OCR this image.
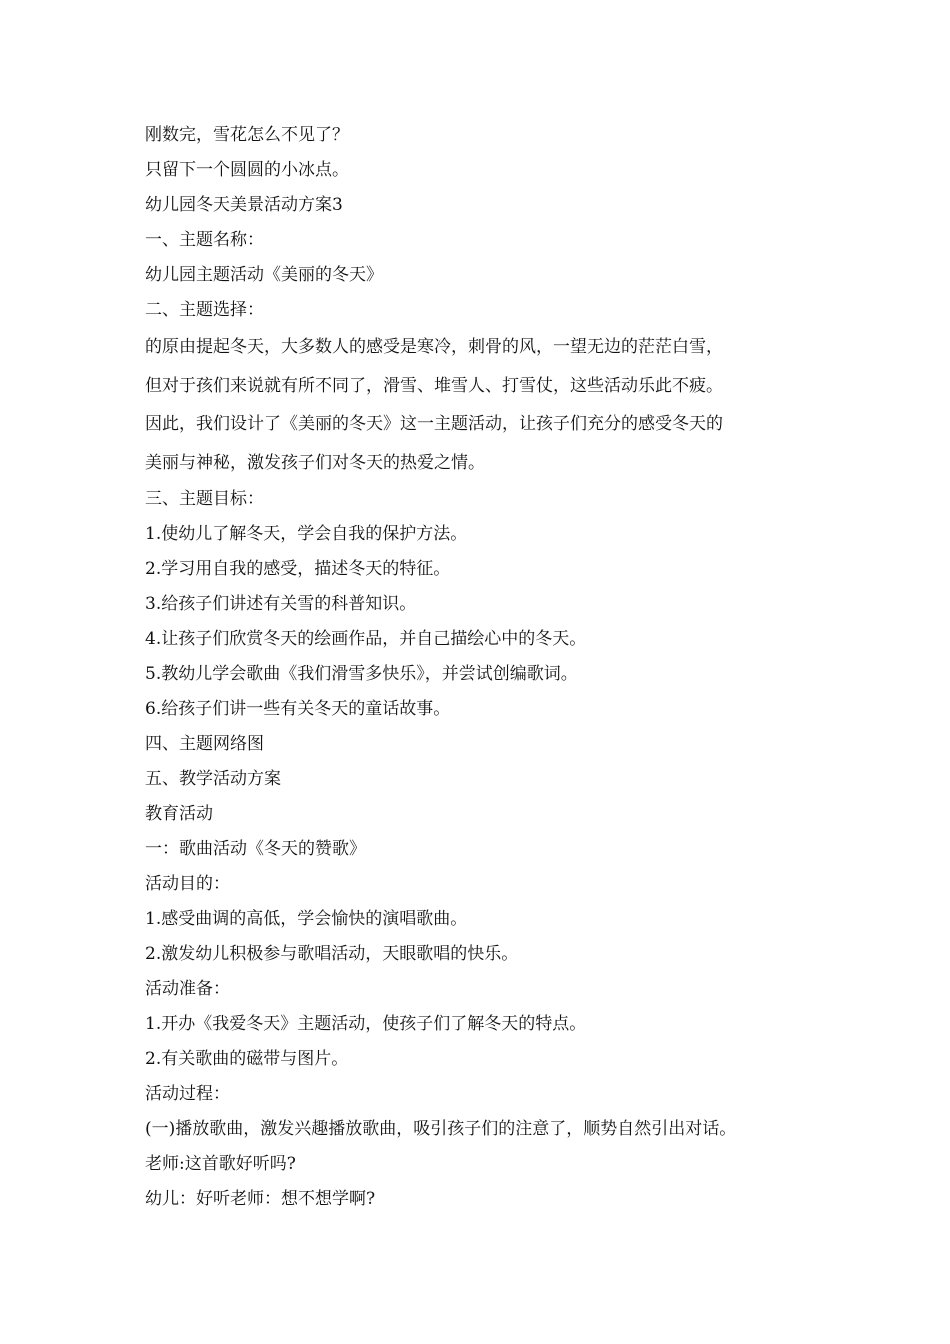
刚数完，雪花怎么不见了？
只留下一个圆圆的小冰点。
幼儿园冬天美景活动方案3
一、主题名称：
幼儿园主题活动《美丽的冬天》
二、主题选择：
的原由提起冬天，大多数人的感受是寒冷，刺骨的风，一望无边的茫茫白雪，
但对于孩们来说就有所不同了，滑雪、堆雪人、打雪仗，这些活动乐此不疲。
因此，我们设计了《美丽的冬天》这一主题活动，让孩子们充分的感受冬天的
美丽与神秘，激发孩子们对冬天的热爱之情。
三、主题目标：
1.使幼儿了解冬天，学会自我的保护方法。
2.学习用自我的感受，描述冬天的特征。
3.给孩子们讲述有关雪的科普知识。
4.让孩子们欣赏冬天的绘画作品，并自己描绘心中的冬天。
5.教幼儿学会歌曲《我们滑雪多快乐》，并尝试创编歌词。
6.给孩子们讲一些有关冬天的童话故事。
四、主题网络图
五、教学活动方案
教育活动
一：歌曲活动《冬天的赞歌》
活动目的：
1.感受曲调的高低，学会愉快的演唱歌曲。
2.激发幼儿积极参与歌唱活动，天眼歌唱的快乐。
活动准备：
1.开办《我爱冬天》主题活动，使孩子们了解冬天的特点。
2.有关歌曲的磁带与图片。
活动过程：
(一)播放歌曲，激发兴趣播放歌曲，吸引孩子们的注意了，顺势自然引出对话。
老师:这首歌好听吗?
幼儿：好听老师：想不想学啊?
